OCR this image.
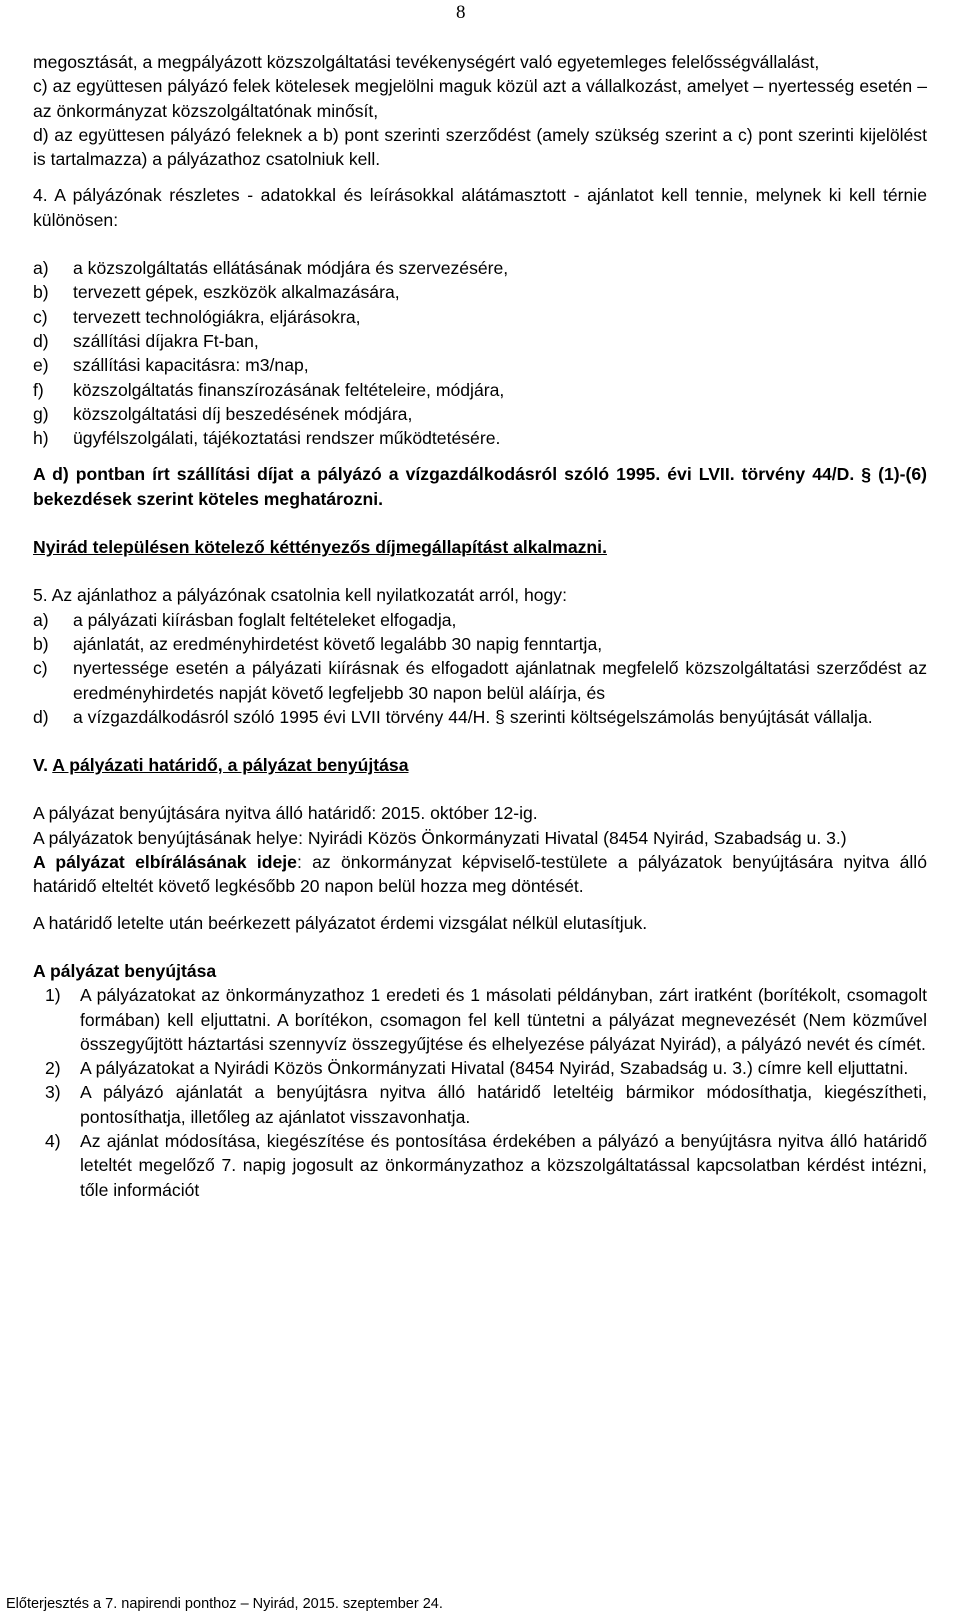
8

megosztását, a megpályázott közszolgáltatási tevékenységért való egyetemleges felelősségvállalást,

c) az együttesen pályázó felek kötelesek megjelölni maguk közül azt a vállalkozást, amelyet – nyertesség esetén – az önkormányzat közszolgáltatónak minősít,

d) az együttesen pályázó feleknek a b) pont szerinti szerződést (amely szükség szerint a c) pont szerinti kijelölést is tartalmazza) a pályázathoz csatolniuk kell.

4. A pályázónak részletes - adatokkal és leírásokkal alátámasztott - ajánlatot kell tennie, melynek ki kell térnie különösen:

a)	a közszolgáltatás ellátásának módjára és szervezésére,
b)	tervezett gépek, eszközök alkalmazására,
c)	tervezett technológiákra, eljárásokra,
d)	szállítási díjakra Ft-ban,
e)	szállítási kapacitásra: m3/nap,
f)	közszolgáltatás finanszírozásának feltételeire, módjára,
g)	közszolgáltatási díj beszedésének módjára,
h)	ügyfélszolgálati, tájékoztatási rendszer működtetésére.

A d) pontban írt szállítási díjat a pályázó a vízgazdálkodásról szóló 1995. évi LVII. törvény 44/D. § (1)-(6) bekezdések szerint köteles meghatározni.

Nyirád településen kötelező kéttényezős díjmegállapítást alkalmazni.

5. Az ajánlathoz a pályázónak csatolnia kell nyilatkozatát arról, hogy:

a)	a pályázati kiírásban foglalt feltételeket elfogadja,
b)	ajánlatát, az eredményhirdetést követő legalább 30 napig fenntartja,
c)	nyertessége esetén a pályázati kiírásnak és elfogadott ajánlatnak megfelelő közszolgáltatási szerződést az eredményhirdetés napját követő legfeljebb 30 napon belül aláírja, és
d)	a vízgazdálkodásról szóló 1995 évi LVII törvény 44/H. § szerinti költségelszámolás benyújtását vállalja.

V. A pályázati határidő, a pályázat benyújtása

A pályázat benyújtására nyitva álló határidő: 2015. október 12-ig.

A pályázatok benyújtásának helye: Nyirádi Közös Önkormányzati Hivatal (8454 Nyirád, Szabadság u. 3.)

A pályázat elbírálásának ideje: az önkormányzat képviselő-testülete a pályázatok benyújtására nyitva álló határidő elteltét követő legkésőbb 20 napon belül hozza meg döntését.

A határidő letelte után beérkezett pályázatot érdemi vizsgálat nélkül elutasítjuk.

A pályázat benyújtása

1)	A pályázatokat az önkormányzathoz 1 eredeti és 1 másolati példányban, zárt iratként (borítékolt, csomagolt formában) kell eljuttatni. A borítékon, csomagon fel kell tüntetni a pályázat megnevezését (Nem közművel összegyűjtött háztartási szennyvíz összegyűjtése és elhelyezése pályázat Nyirád), a pályázó nevét és címét.
2)	A pályázatokat a Nyirádi Közös Önkormányzati Hivatal (8454 Nyirád, Szabadság u. 3.) címre kell eljuttatni.
3)	A pályázó ajánlatát a benyújtásra nyitva álló határidő leteltéig bármikor módosíthatja, kiegészítheti, pontosíthatja, illetőleg az ajánlatot visszavonhatja.
4)	Az ajánlat módosítása, kiegészítése és pontosítása érdekében a pályázó a benyújtásra nyitva álló határidő leteltét megelőző 7. napig jogosult az önkormányzathoz a közszolgáltatással kapcsolatban kérdést intézni, tőle információt
Előterjesztés a 7. napirendi ponthoz – Nyirád, 2015. szeptember 24.
